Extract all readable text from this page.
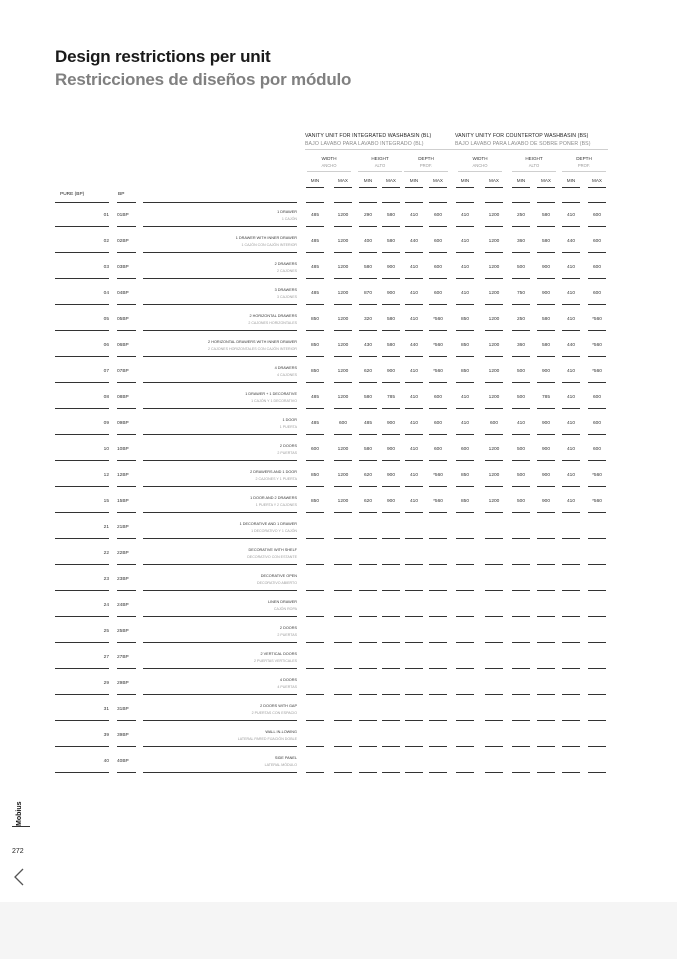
Design restrictions per unit
Restricciones de diseños por módulo
VANITY UNIT FOR INTEGRATED WASHBASIN (BL)
BAJO LAVABO PARA LAVABO INTEGRADO (BL)
VANITY UNITY FOR COUNTERTOP WASHBASIN (BS)
BAJO LAVABO PARA LAVABO DE SOBRE PONER (BS)
WIDTH
ANCHO
HEIGHT
ALTO
DEPTH
PROF.
WIDTH
ANCHO
HEIGHT
ALTO
DEPTH
PROF.
MIN	MAX	MIN	MAX	MIN	MAX	MIN	MAX	MIN	MAX	MIN	MAX
PURE (BP)	BP
01 01BP
1 DRAWER
1 CAJÓN
485	1200	290	580	410	600	410	1200	250	580	410	600
02 02BP
1 DRAWER WITH INNER DRAWER
1 CAJÓN CON CAJÓN INTERIOR
485	1200	400	580	440	600	410	1200	360	580	440	600
03 03BP
2 DRAWERS
2 CAJONES
485	1200	580	900	410	600	410	1200	500	900	410	600
04 04BP
3 DRAWERS
3 CAJONES
485	1200	870	900	410	600	410	1200	750	900	410	600
05 05BP
2 HORIZONTAL DRAWERS
2 CAJONES HORIZONTALES
850	1200	320	580	410	*560	850	1200	250	580	410	*560
06 06BP
2 HORIZONTAL DRAWERS WITH INNER DRAWER
2 CAJONES HORIZONTALES CON CAJÓN INTERIOR
850	1200	430	580	440	*560	850	1200	360	580	440	*560
07 07BP
4 DRAWERS
4 CAJONES
850	1200	620	900	410	*560	850	1200	500	900	410	*560
08 08BP
1 DRAWER + 1 DECORATIVE
1 CAJÓN Y 1 DECORATIVO
485	1200	580	785	410	600	410	1200	500	785	410	600
09 09BP
1 DOOR
1 PUERTA
485	600	485	900	410	600	410	600	410	900	410	600
10 10BP
2 DOORS
2 PUERTAS
600	1200	580	900	410	600	600	1200	500	900	410	600
12 12BP
2 DRAWERS AND 1 DOOR
2 CAJONES Y 1 PUERTA
850	1200	620	900	410	*560	850	1200	500	900	410	*560
15 15BP
1 DOOR AND 2 DRAWERS
1 PUERTA Y 2 CAJONES
850	1200	620	900	410	*560	850	1200	500	900	410	*560
21 21BP
1 DECORATIVE AND 1 DRAWER
1 DECORATIVO Y 1 CAJÓN
22 22BP
DECORATIVE WITH SHELF
DECORATIVO CON ESTANTE
23 23BP
DECORATIVE OPEN
DECORATIVO ABIERTO
24 24BP
LINEN DRAWER
CAJÓN ROPA
25 25BP
2 DOORS
2 PUERTAS
27 27BP
2 VERTICAL DOORS
2 PUERTAS VERTICALES
29 29BP
4 DOORS
4 PUERTAS
31 31BP
2 DOORS WITH GAP
2 PUERTAS CON ESPACIO
39 39BP
WALL IN-LOWING
LATERAL PARED FIJACIÓN DOBLE
40 40BP
SIDE PANEL
LATERAL MÓDULO
Mobius
272
